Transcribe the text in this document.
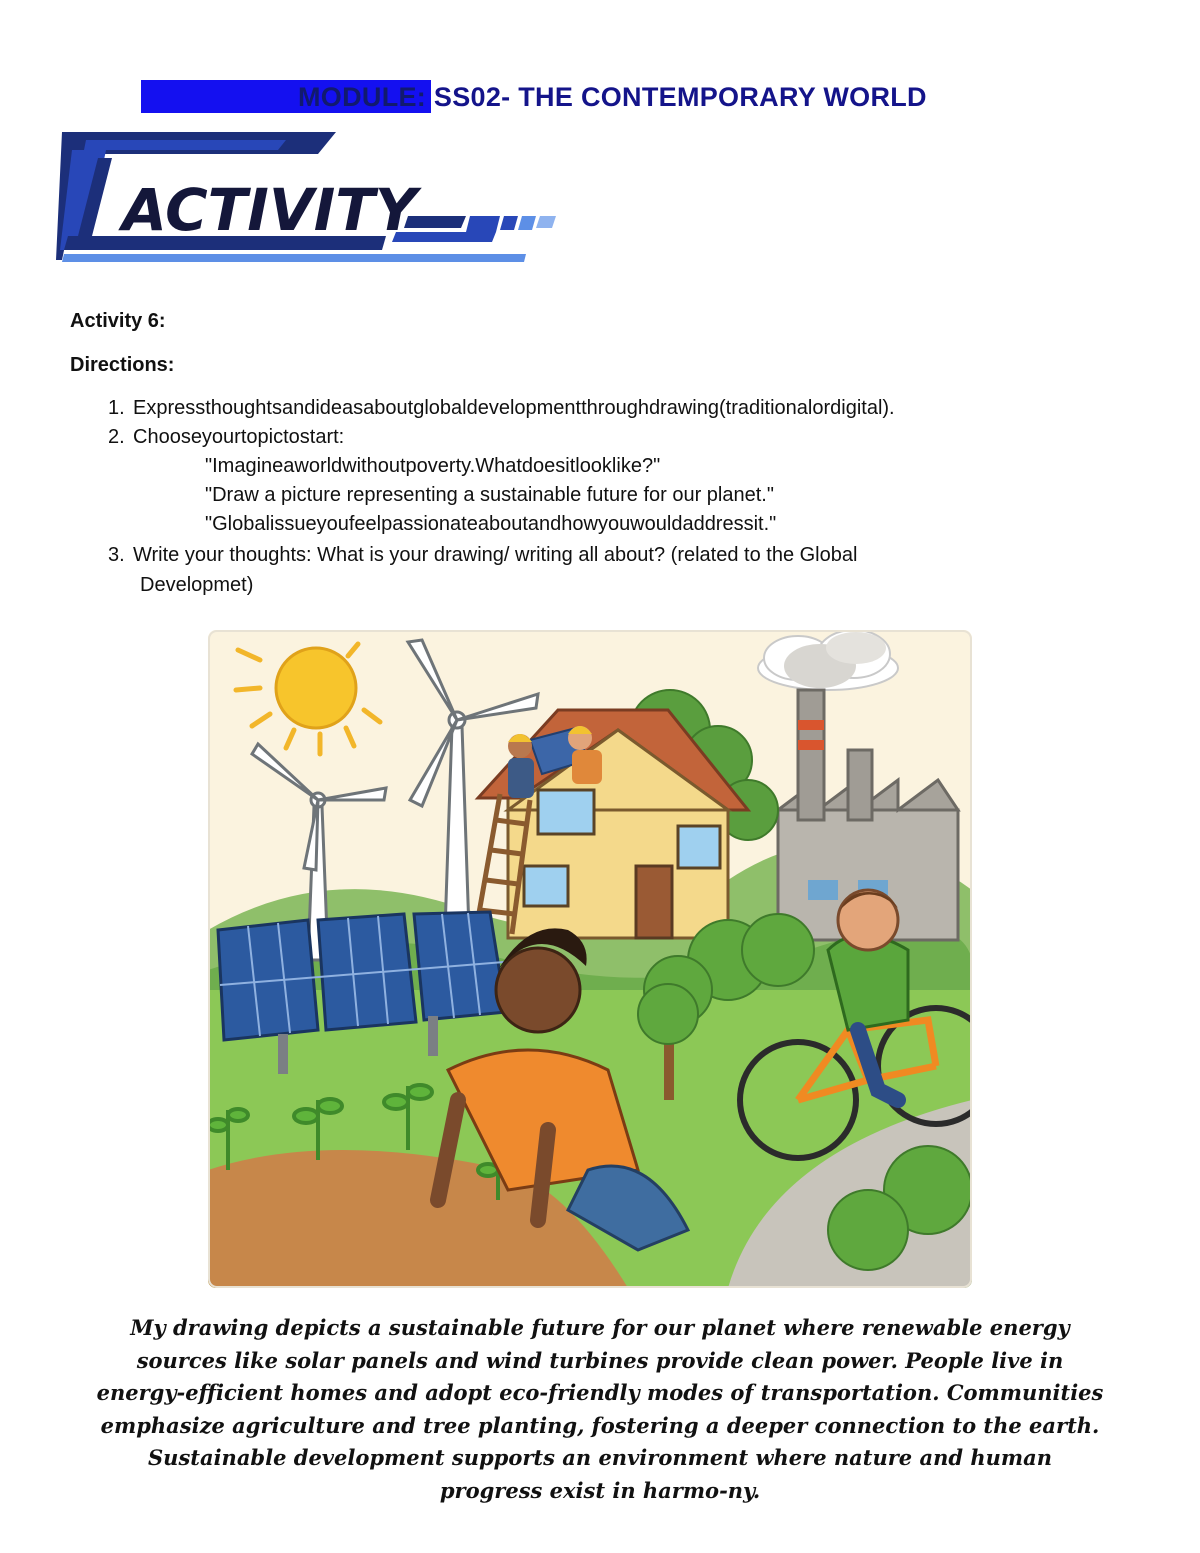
MODULE: SS02- THE CONTEMPORARY WORLD
ACTIVITY
Activity 6:
Directions:
1. Expressthoughtsandideasaboutglobaldevelopmentthroughdrawing(traditionalordigital).
2. Chooseyourtopictostart:
"Imagineaworldwithoutpoverty.Whatdoesitlooklike?"
"Draw a picture representing a sustainable future for our planet."
"Globalissueyoufeelpassionateaboutandhowyouwouldaddressit."
3. Write your thoughts: What is your drawing/ writing all about? (related to the Global
Developmet)
My drawing depicts a sustainable future for our planet where renewable energy
sources like solar panels and wind turbines provide clean power. People live in
energy-efficient homes and adopt eco-friendly modes of transportation. Communities
emphasize agriculture and tree planting, fostering a deeper connection to the earth.
Sustainable development supports an environment where nature and human
progress exist in harmo-ny.
